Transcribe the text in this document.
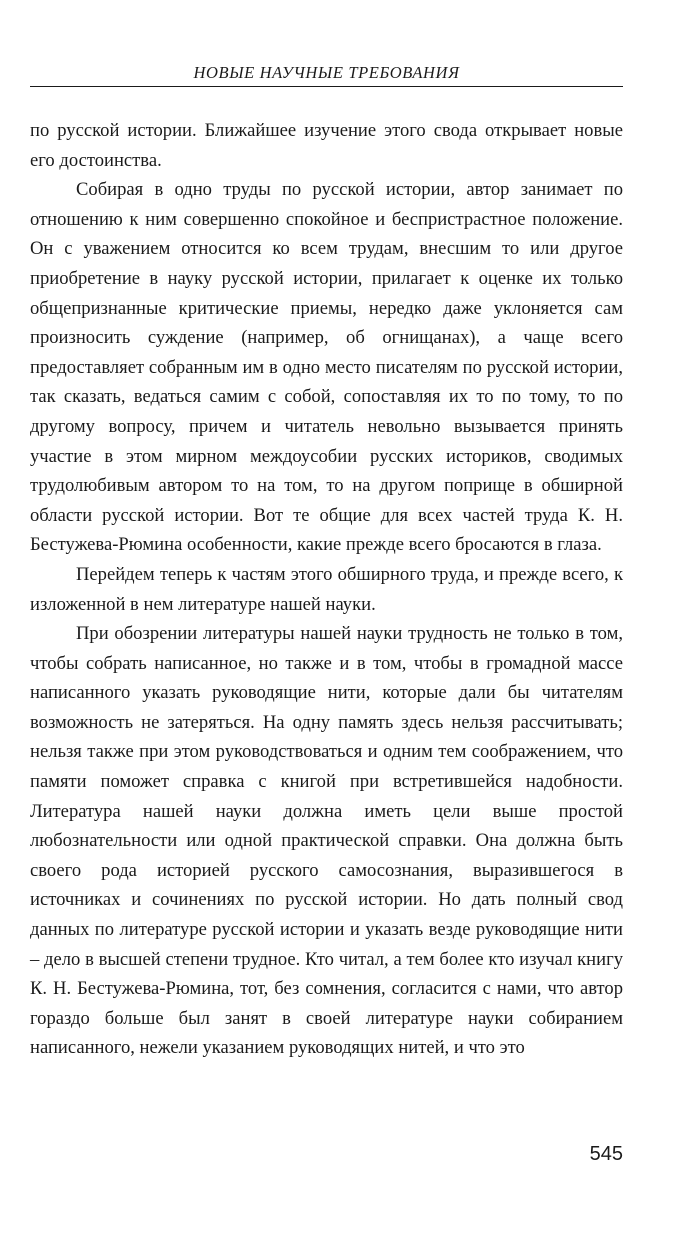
НОВЫЕ НАУЧНЫЕ ТРЕБОВАНИЯ

по русской истории. Ближайшее изучение этого свода открывает новые его достоинства.

Собирая в одно труды по русской истории, автор занимает по отношению к ним совершенно спокойное и беспристрастное положение. Он с уважением относится ко всем трудам, внесшим то или другое приобретение в науку русской истории, прилагает к оценке их только общепризнанные критические приемы, нередко даже уклоняется сам произносить суждение (например, об огнищанах), а чаще всего предоставляет собранным им в одно место писателям по русской истории, так сказать, ведаться самим с собой, сопоставляя их то по тому, то по другому вопросу, причем и читатель невольно вызывается принять участие в этом мирном междоусобии русских историков, сводимых трудолюбивым автором то на том, то на другом поприще в обширной области русской истории. Вот те общие для всех частей труда К. Н. Бестужева-Рюмина особенности, какие прежде всего бросаются в глаза.

Перейдем теперь к частям этого обширного труда, и прежде всего, к изложенной в нем литературе нашей науки.

При обозрении литературы нашей науки трудность не только в том, чтобы собрать написанное, но также и в том, чтобы в громадной массе написанного указать руководящие нити, которые дали бы читателям возможность не затеряться. На одну память здесь нельзя рассчитывать; нельзя также при этом руководствоваться и одним тем соображением, что памяти поможет справка с книгой при встретившейся надобности. Литература нашей науки должна иметь цели выше простой любознательности или одной практической справки. Она должна быть своего рода историей русского самосознания, выразившегося в источниках и сочинениях по русской истории. Но дать полный свод данных по литературе русской истории и указать везде руководящие нити – дело в высшей степени трудное. Кто читал, а тем более кто изучал книгу К. Н. Бестужева-Рюмина, тот, без сомнения, согласится с нами, что автор гораздо больше был занят в своей литературе науки собиранием написанного, нежели указанием руководящих нитей, и что это

545
